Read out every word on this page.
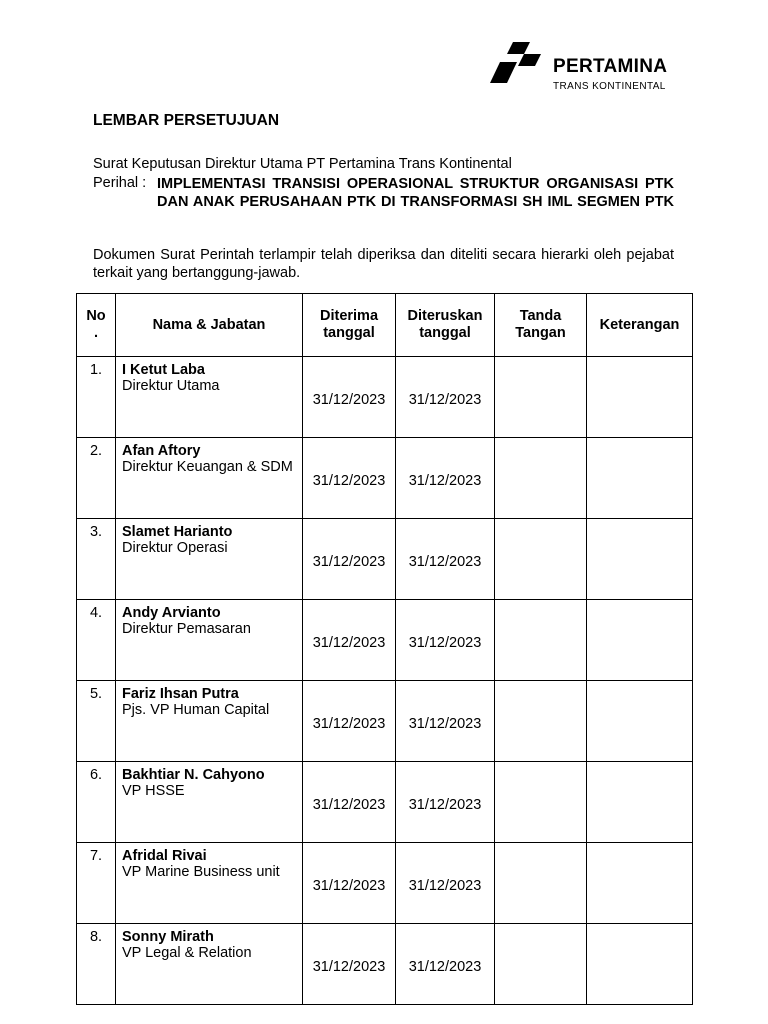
PERTAMINA
TRANS KONTINENTAL
LEMBAR PERSETUJUAN
Surat Keputusan Direktur Utama PT Pertamina Trans Kontinental
Perihal : IMPLEMENTASI TRANSISI OPERASIONAL STRUKTUR ORGANISASI PTK DAN ANAK PERUSAHAAN PTK DI TRANSFORMASI SH IML SEGMEN PTK
Dokumen Surat Perintah terlampir telah diperiksa dan diteliti secara hierarki oleh pejabat terkait yang bertanggung-jawab.
No.	Nama & Jabatan	Diterima tanggal	Diteruskan tanggal	Tanda Tangan	Keterangan
1.	I Ketut Laba
Direktur Utama	31/12/2023	31/12/2023		
2.	Afan Aftory
Direktur Keuangan & SDM	31/12/2023	31/12/2023		
3.	Slamet Harianto
Direktur Operasi	31/12/2023	31/12/2023		
4.	Andy Arvianto
Direktur Pemasaran	31/12/2023	31/12/2023		
5.	Fariz Ihsan Putra
Pjs. VP Human Capital	31/12/2023	31/12/2023		
6.	Bakhtiar N. Cahyono
VP HSSE	31/12/2023	31/12/2023		
7.	Afridal Rivai
VP Marine Business unit	31/12/2023	31/12/2023		
8.	Sonny Mirath
VP Legal & Relation	31/12/2023	31/12/2023		
